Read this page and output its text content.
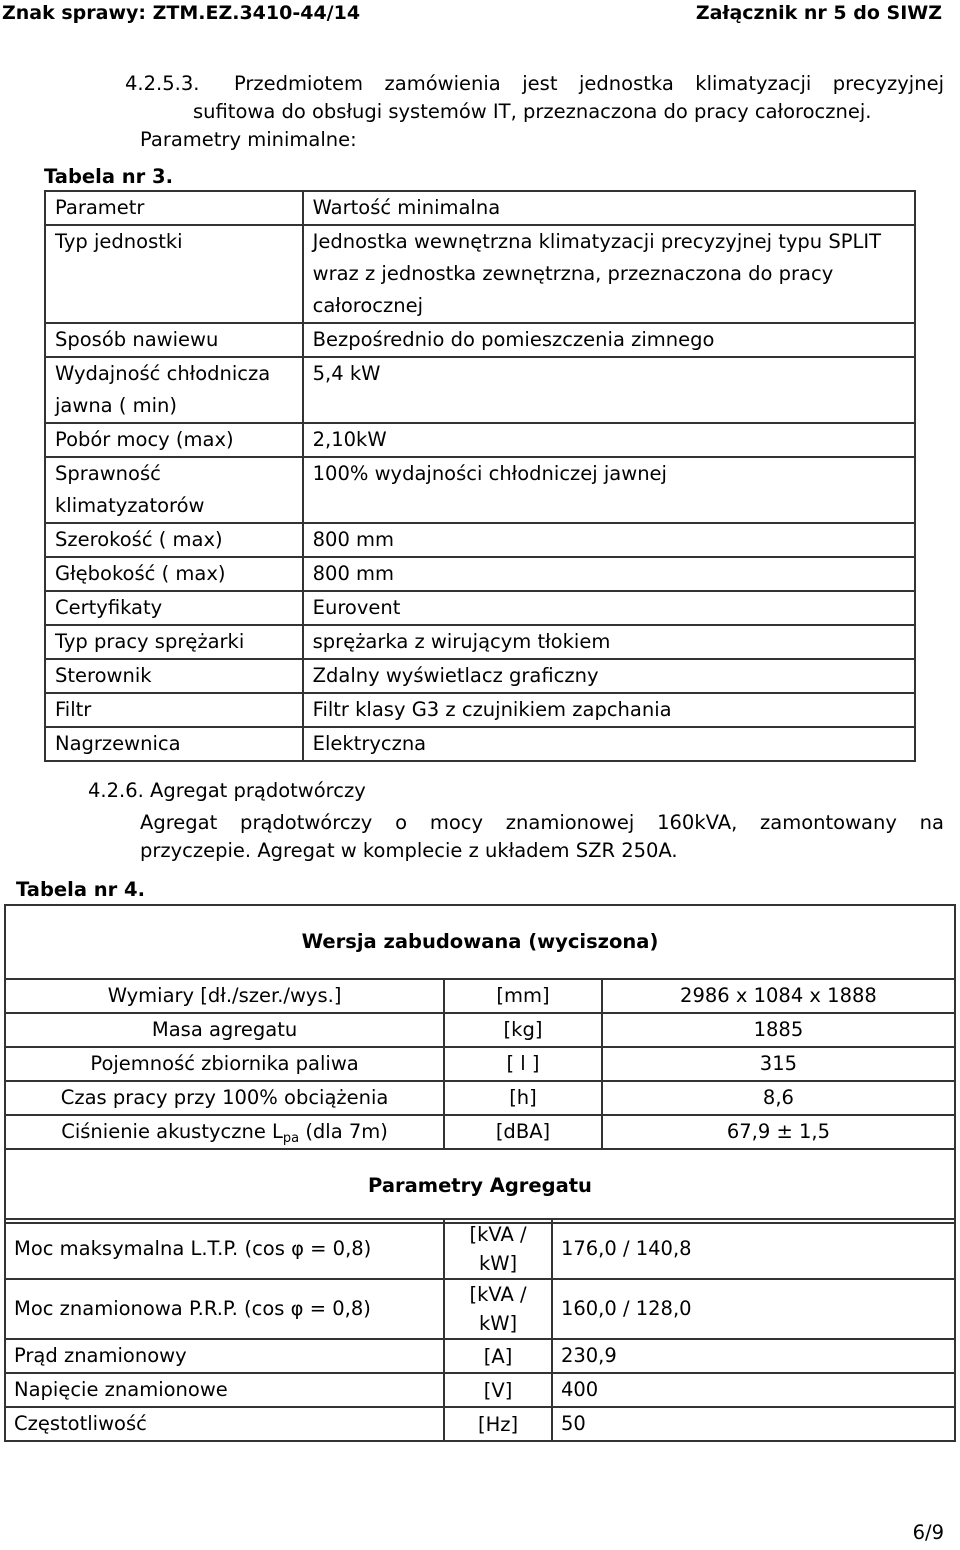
Znak sprawy: ZTM.EZ.3410-44/14	Załącznik nr 5 do SIWZ
4.2.5.3. Przedmiotem zamówienia jest jednostka klimatyzacji precyzyjnej
sufitowa do obsługi systemów IT, przeznaczona do pracy całorocznej.
Parametry minimalne:
Tabela nr 3.
Parametr	Wartość minimalna

Typ jednostki	Jednostka wewnętrzna klimatyzacji precyzyjnej typu SPLIT
wraz z jednostka zewnętrzna, przeznaczona do pracy
całorocznej

Sposób nawiewu	Bezpośrednio do pomieszczenia zimnego

Wydajność chłodnicza
jawna ( min)	5,4 kW

Pobór mocy (max)	2,10kW

Sprawność
klimatyzatorów	100% wydajności chłodniczej jawnej

Szerokość ( max)	800 mm

Głębokość ( max)	800 mm

Certyfikaty	Eurovent

Typ pracy sprężarki	sprężarka z wirującym tłokiem

Sterownik	Zdalny wyświetlacz graficzny

Filtr	Filtr klasy G3 z czujnikiem zapchania

Nagrzewnica	Elektryczna
4.2.6. Agregat prądotwórczy
Agregat prądotwórczy o mocy znamionowej 160kVA, zamontowany na
przyczepie. Agregat w komplecie z układem SZR 250A.
Tabela nr 4.
Wersja zabudowana (wyciszona)		
Wymiary [dł./szer./wys.]	[mm]	2986 x 1084 x 1888
Masa agregatu	[kg]	1885
Pojemność zbiornika paliwa	[ l ]	315
Czas pracy przy 100% obciążenia	[h]	8,6
Ciśnienie akustyczne $L_{pa}$ (dla 7m)	[dBA]	67,9 ± 1,5
Parametry Agregatu		
Moc maksymalna L.T.P. (cos φ = 0,8)	[kVA /
kW]	176,0 / 140,8
Moc znamionowa P.R.P. (cos φ = 0,8)	[kVA /
kW]	160,0 / 128,0
Prąd znamionowy	[A]	230,9
Napięcie znamionowe	[V]	400
Częstotliwość	[Hz]	50
6/9
